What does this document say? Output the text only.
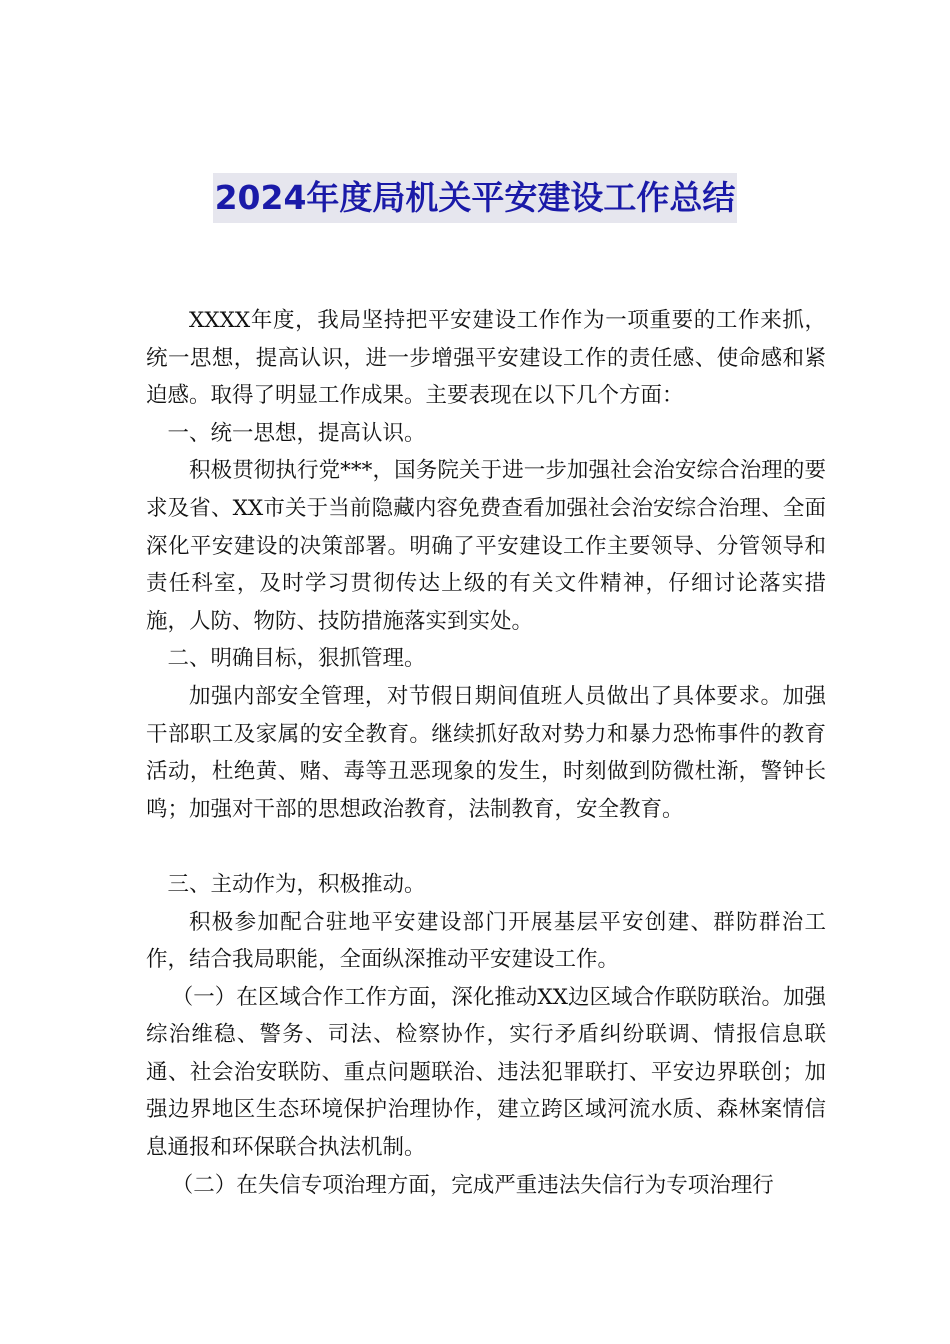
2024年度局机关平安建设工作总结

XXXX年度，我局坚持把平安建设工作作为一项重要的工作来抓，统一思想，提高认识，进一步增强平安建设工作的责任感、使命感和紧迫感。取得了明显工作成果。主要表现在以下几个方面：

一、统一思想，提高认识。

积极贯彻执行党***，国务院关于进一步加强社会治安综合治理的要求及省、XX市关于当前隐藏内容免费查看加强社会治安综合治理、全面深化平安建设的决策部署。明确了平安建设工作主要领导、分管领导和责任科室，及时学习贯彻传达上级的有关文件精神，仔细讨论落实措施，人防、物防、技防措施落实到实处。

二、明确目标，狠抓管理。

加强内部安全管理，对节假日期间值班人员做出了具体要求。加强干部职工及家属的安全教育。继续抓好敌对势力和暴力恐怖事件的教育活动，杜绝黄、赌、毒等丑恶现象的发生，时刻做到防微杜渐，警钟长鸣；加强对干部的思想政治教育，法制教育，安全教育。

三、主动作为，积极推动。

积极参加配合驻地平安建设部门开展基层平安创建、群防群治工作，结合我局职能，全面纵深推动平安建设工作。

（一）在区域合作工作方面，深化推动XX边区域合作联防联治。加强综治维稳、警务、司法、检察协作，实行矛盾纠纷联调、情报信息联通、社会治安联防、重点问题联治、违法犯罪联打、平安边界联创；加强边界地区生态环境保护治理协作，建立跨区域河流水质、森林案情信息通报和环保联合执法机制。

（二）在失信专项治理方面，完成严重违法失信行为专项治理行
